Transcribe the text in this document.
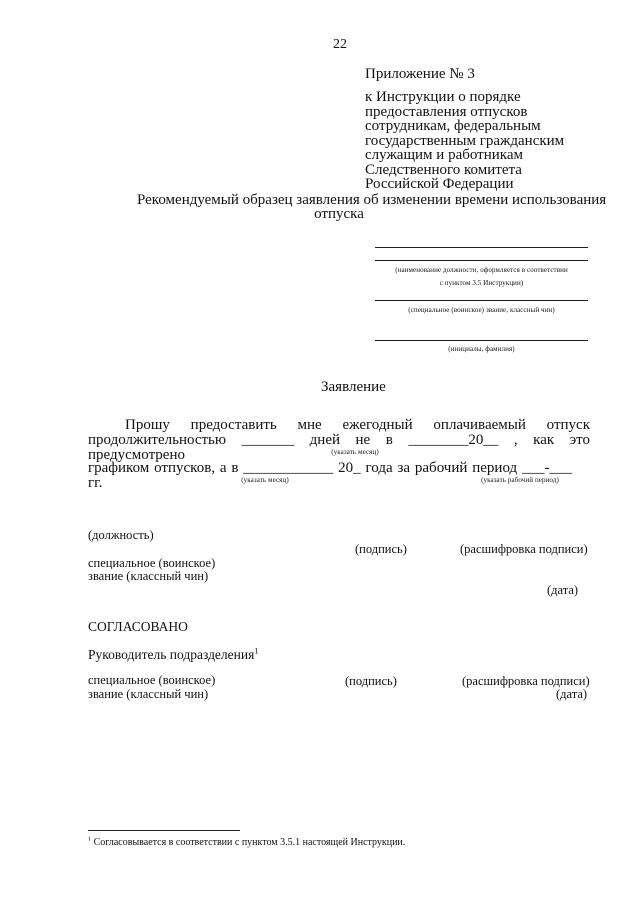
22
Приложение № 3
к Инструкции о порядке
предоставления отпусков
сотрудникам, федеральным
государственным гражданским
служащим и работникам
Следственного комитета
Российской Федерации
Рекомендуемый образец заявления об изменении времени использования
отпуска
(наименование должности, оформляется в соответствии
с пунктом 3.5 Инструкции)
(специальное (воинское) звание, классный чин)
(инициалы, фамилия)
Заявление
Прошу предоставить мне ежегодный оплачиваемый отпуск
продолжительностью _______ дней не в ________20__ , как это предусмотрено	(указать месяц)
графиком отпусков, а в ____________ 20_ года за рабочий период ___-___ гг.	(указать месяц)	(указать рабочий период)
(должность)
(подпись)	(расшифровка подписи)
специальное (воинское)
звание (классный чин)
(дата)
СОГЛАСОВАНО
Руководитель подразделения$^1$
специальное (воинское)
звание (классный чин)
(подпись)	(расшифровка подписи)
(дата)
$^1$ Согласовывается в соответствии с пунктом 3.5.1 настоящей Инструкции.
